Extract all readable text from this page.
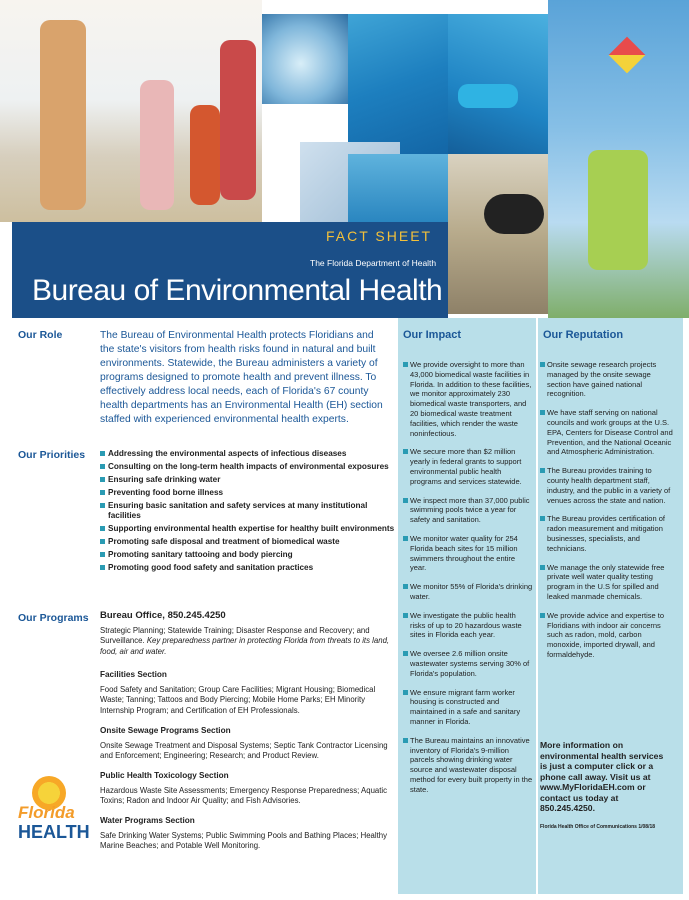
FACT SHEET
The Florida Department of Health
Bureau of Environmental Health
Our Role	The Bureau of Environmental Health protects Floridians and the state's visitors from health risks found in natural and built environments. Statewide, the Bureau administers a variety of programs designed to promote health and prevent illness. To effectively address local needs, each of Florida's 67 county health departments has an Environmental Health (EH) section staffed with experienced environmental health experts.
Our Priorities	Addressing the environmental aspects of infectious diseases
Consulting on the long-term health impacts of environmental exposures
Ensuring safe drinking water
Preventing food borne illness
Ensuring basic sanitation and safety services at many institutional facilities
Supporting environmental health expertise for healthy built environments
Promoting safe disposal and treatment of biomedical waste
Promoting sanitary tattooing and body piercing
Promoting good food safety and sanitation practices
Our Programs Bureau Office, 850.245.4250
Strategic Planning; Statewide Training; Disaster Response and Recovery; and Surveillance. Key preparedness partner in protecting Florida from threats to its land, food, air and water.
Facilities Section
Food Safety and Sanitation; Group Care Facilities; Migrant Housing; Biomedical Waste; Tanning; Tattoos and Body Piercing; Mobile Home Parks; EH Minority Internship Program; and Certification of EH Professionals.
Onsite Sewage Programs Section
Onsite Sewage Treatment and Disposal Systems; Septic Tank Contractor Licensing and Enforcement; Engineering; Research; and Product Review.
Public Health Toxicology Section
Hazardous Waste Site Assessments; Emergency Response Preparedness; Aquatic Toxins; Radon and Indoor Air Quality; and Fish Advisories.
Water Programs Section
Safe Drinking Water Systems; Public Swimming Pools and Bathing Places; Healthy Marine Beaches; and Potable Well Monitoring.
Florida
HEALTH
Our Impact
We provide oversight to more than 43,000 biomedical waste facilities in Florida. In addition to these facilities, we monitor approximately 230 biomedical waste transporters, and 20 biomedical waste treatment facilities, which render the waste noninfectious.
We secure more than $2 million yearly in federal grants to support environmental public health programs and services statewide.
We inspect more than 37,000 public swimming pools twice a year for safety and sanitation.
We monitor water quality for 254 Florida beach sites for 15 million swimmers throughout the entire year.
We monitor 55% of Florida's drinking water.
We investigate the public health risks of up to 20 hazardous waste sites in Florida each year.
We oversee 2.6 million onsite wastewater systems serving 30% of Florida's population.
We ensure migrant farm worker housing is constructed and maintained in a safe and sanitary manner in Florida.
The Bureau maintains an innovative inventory of Florida's 9-million parcels showing drinking water source and wastewater disposal method for every built property in the state.
Our Reputation
Onsite sewage research projects managed by the onsite sewage section have gained national recognition.
We have staff serving on national councils and work groups at the U.S. EPA, Centers for Disease Control and Prevention, and the National Oceanic and Atmospheric Administration.
The Bureau provides training to county health department staff, industry, and the public in a variety of venues across the state and nation.
The Bureau provides certification of radon measurement and mitigation businesses, specialists, and technicians.
We manage the only statewide free private well water quality testing program in the U.S for spilled and leaked manmade chemicals.
We provide advice and expertise to Floridians with indoor air concerns such as radon, mold, carbon monoxide, imported drywall, and formaldehyde.
More information on environmental health services is just a computer click or a phone call away. Visit us at www.MyFloridaEH.com or contact us today at 850.245.4250.
Florida Health Office of Communications 1/08/18
